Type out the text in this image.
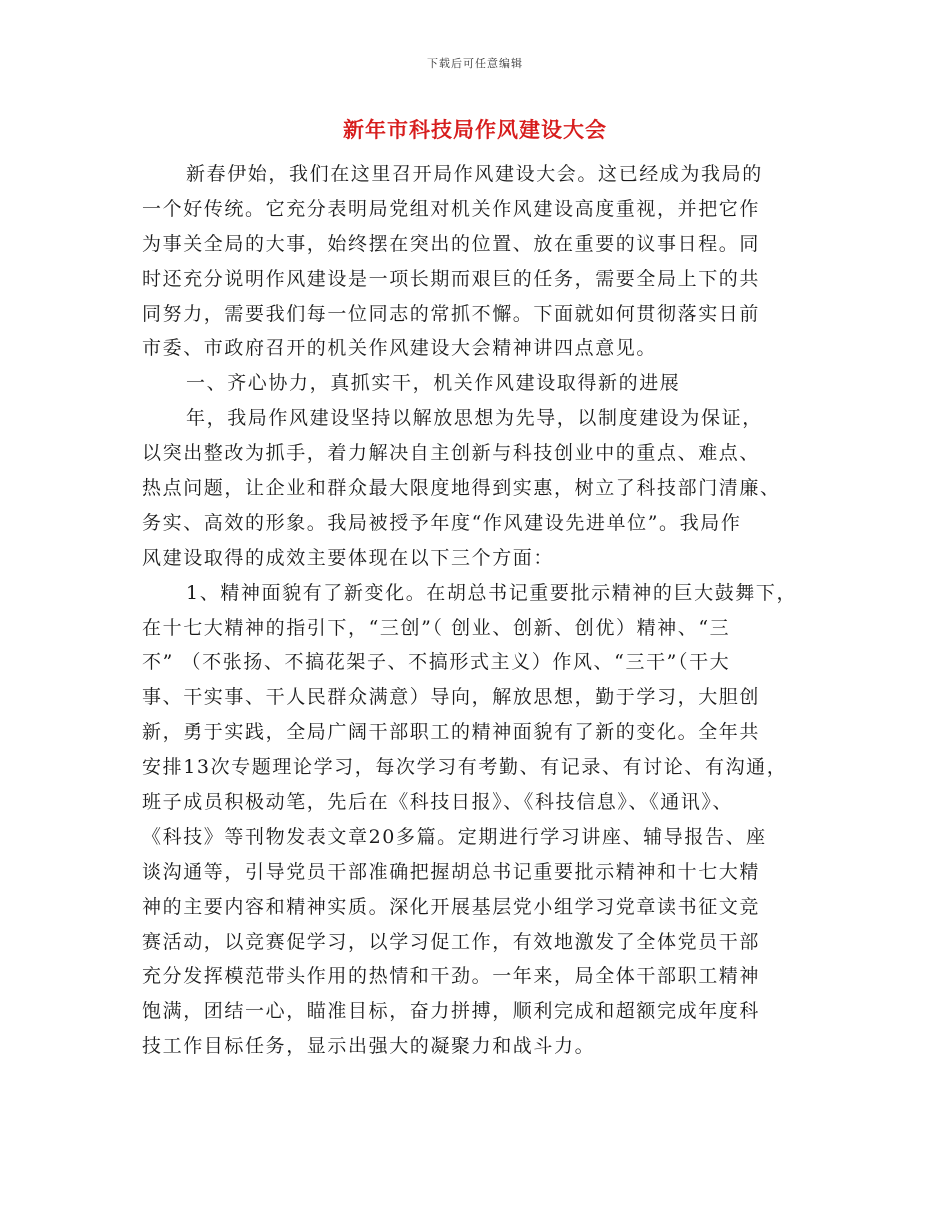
下载后可任意编辑
新年市科技局作风建设大会
新春伊始，我们在这里召开局作风建设大会。这已经成为我局的
一个好传统。它充分表明局党组对机关作风建设高度重视，并把它作
为事关全局的大事，始终摆在突出的位置、放在重要的议事日程。同
时还充分说明作风建设是一项长期而艰巨的任务，需要全局上下的共
同努力，需要我们每一位同志的常抓不懈。下面就如何贯彻落实日前
市委、市政府召开的机关作风建设大会精神讲四点意见。
一、齐心协力，真抓实干，机关作风建设取得新的进展
年，我局作风建设坚持以解放思想为先导，以制度建设为保证，
以突出整改为抓手，着力解决自主创新与科技创业中的重点、难点、
热点问题，让企业和群众最大限度地得到实惠，树立了科技部门清廉、
务实、高效的形象。我局被授予年度“作风建设先进单位”。我局作
风建设取得的成效主要体现在以下三个方面：
1、精神面貌有了新变化。在胡总书记重要批示精神的巨大鼓舞下，
在十七大精神的指引下，“三创”（ 创业、创新、创优）精神、“三
不” （不张扬、不搞花架子、不搞形式主义）作风、“三干”（干大
事、干实事、干人民群众满意）导向，解放思想，勤于学习，大胆创
新，勇于实践，全局广阔干部职工的精神面貌有了新的变化。全年共
安排13次专题理论学习，每次学习有考勤、有记录、有讨论、有沟通，
班子成员积极动笔，先后在《科技日报》、《科技信息》、《通讯》、
《科技》等刊物发表文章20多篇。定期进行学习讲座、辅导报告、座
谈沟通等，引导党员干部准确把握胡总书记重要批示精神和十七大精
神的主要内容和精神实质。深化开展基层党小组学习党章读书征文竞
赛活动，以竞赛促学习，以学习促工作，有效地激发了全体党员干部
充分发挥模范带头作用的热情和干劲。一年来，局全体干部职工精神
饱满，团结一心，瞄准目标，奋力拼搏，顺利完成和超额完成年度科
技工作目标任务，显示出强大的凝聚力和战斗力。
